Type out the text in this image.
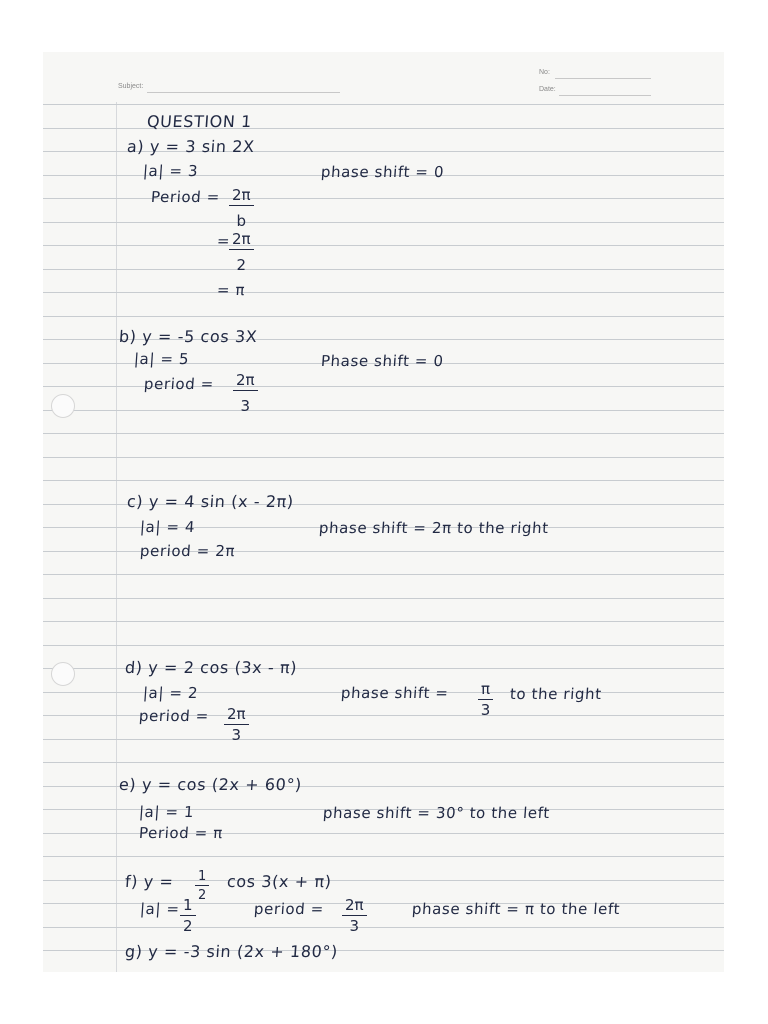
Subject:
No:
Date:
QUESTION 1
a) y = 3 sin 2X
|a| = 3	phase shift = 0
Period = $\frac{2\pi}{b}$
=
$\frac{2\pi}{2}$
= π
b) y = -5 cos 3X
|a| = 5	Phase shift = 0
period = $\frac{2\pi}{3}$
c) y = 4 sin (x - 2π)
|a| = 4	phase shift = 2π to the right
period = 2π
d) y = 2 cos (3x - π)
|a| = 2	phase shift = $\frac{\pi}{3}$ to the right
period = $\frac{2\pi}{3}$
e) y = cos (2x + 60°)
|a| = 1	phase shift = 30° to the left
Period = π
f) $y = \frac{1}{2}$ cos 3(x + π)
$|a| = \frac{1}{2}$	period = $\frac{2\pi}{3}$	phase shift = π to the left
g) y = -3 sin (2x + 180°)
